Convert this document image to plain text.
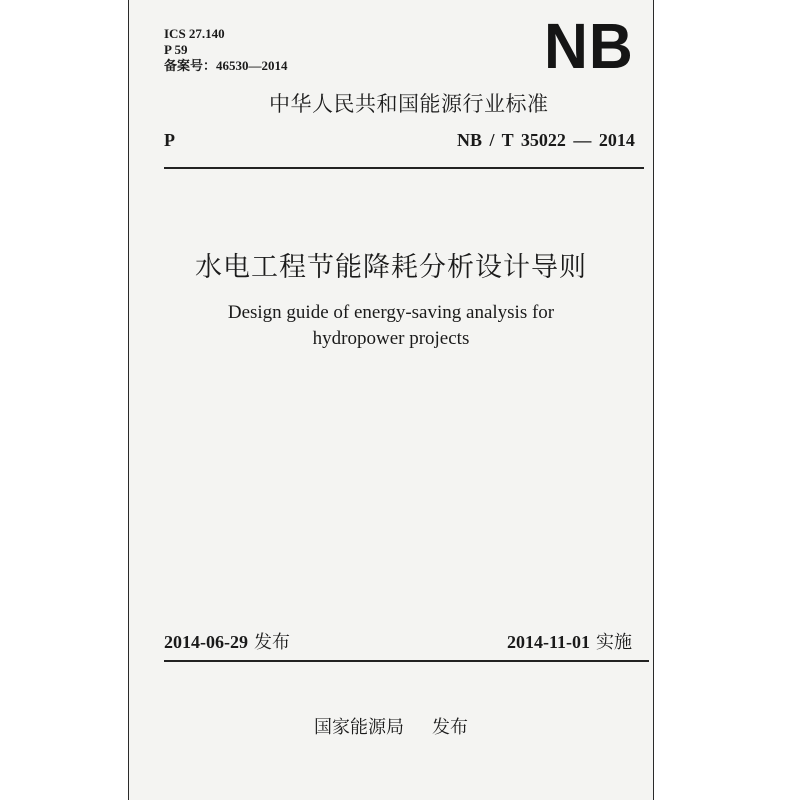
ICS 27.140
P 59
备案号：46530—2014	NB
中华人民共和国能源行业标准
P	NB / T 35022 — 2014
水电工程节能降耗分析设计导则
Design guide of energy-saving analysis for
hydropower projects
2014-06-29 发布	2014-11-01 实施
国家能源局 发布
